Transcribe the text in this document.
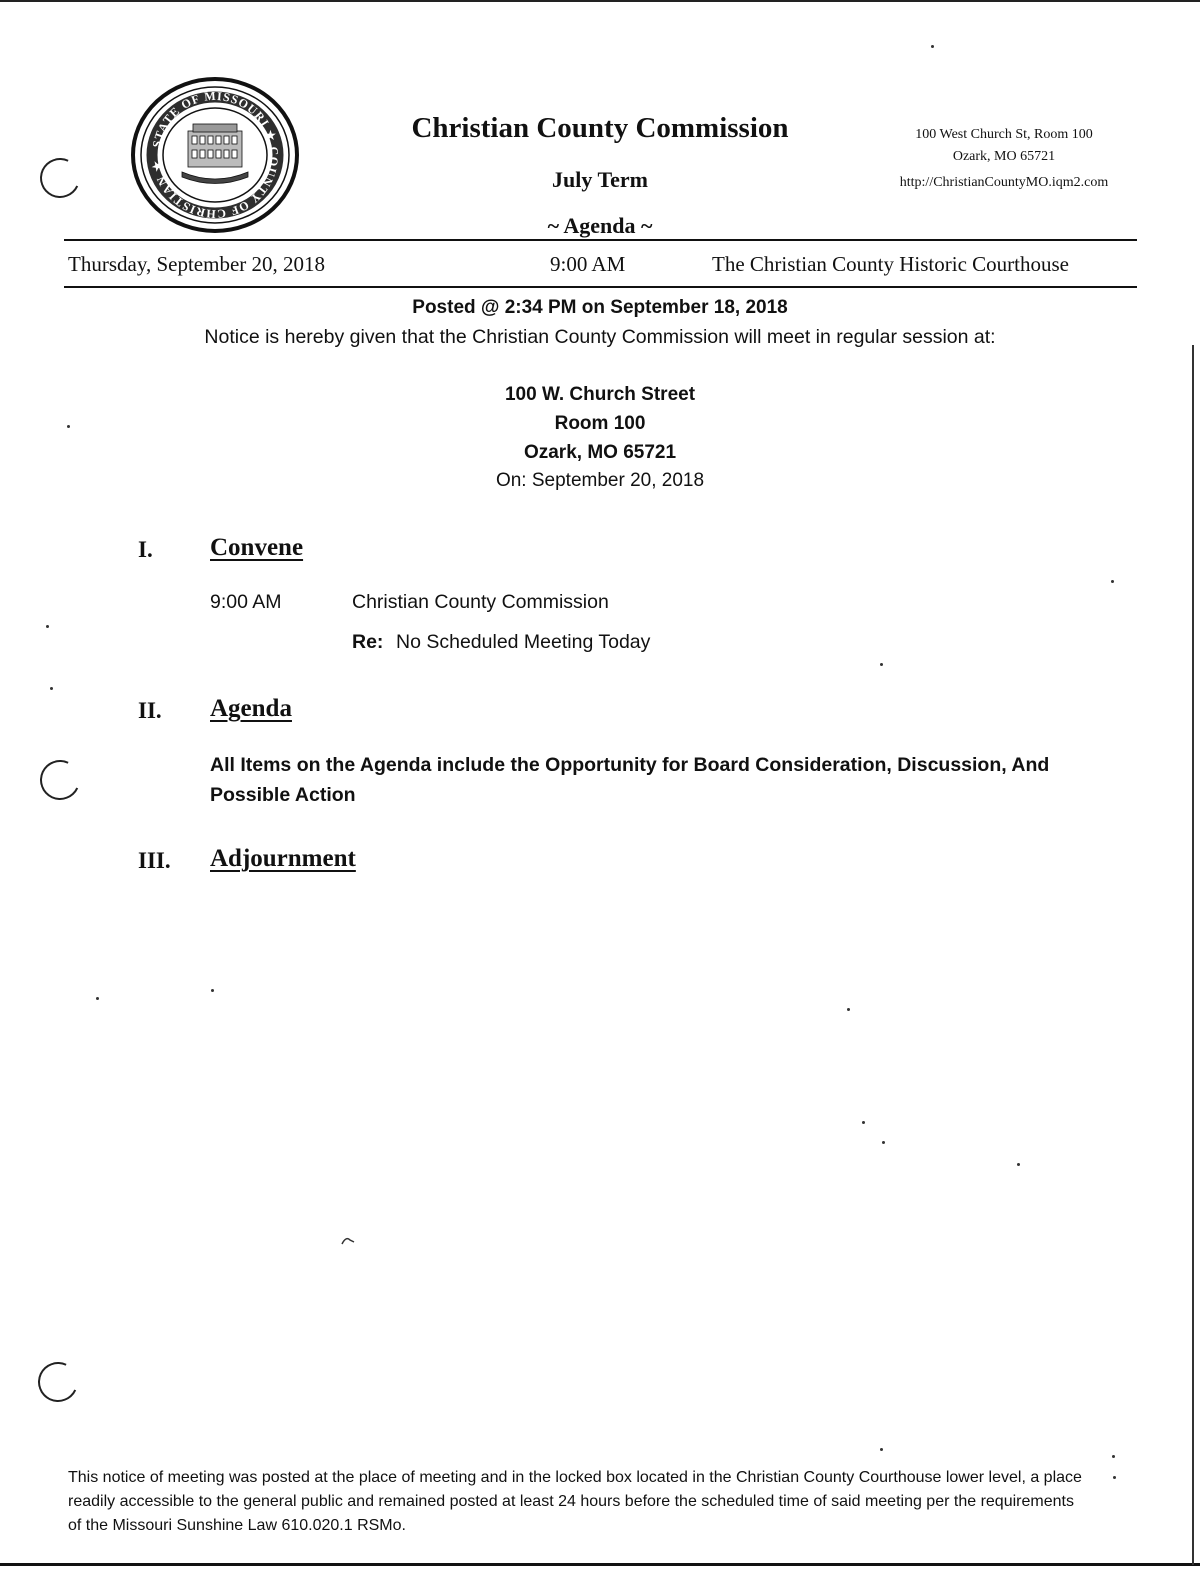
STATE OF MISSOURI ★ COUNTY OF CHRISTIAN ★
Christian County Commission
July Term
~ Agenda ~
100 West Church St, Room 100
Ozark, MO 65721
http://ChristianCountyMO.iqm2.com
Thursday, September 20, 2018	9:00 AM	The Christian County Historic Courthouse
Posted @ 2:34 PM on September 18, 2018
Notice is hereby given that the Christian County Commission will meet in regular session at:
100 W. Church Street
Room 100
Ozark, MO 65721
On: September 20, 2018
I. Convene
9:00 AM	Christian County Commission
Re: No Scheduled Meeting Today
II. Agenda
All Items on the Agenda include the Opportunity for Board Consideration, Discussion, And Possible Action
III. Adjournment
This notice of meeting was posted at the place of meeting and in the locked box located in the Christian County Courthouse lower level, a place readily accessible to the general public and remained posted at least 24 hours before the scheduled time of said meeting per the requirements of the Missouri Sunshine Law 610.020.1 RSMo.
